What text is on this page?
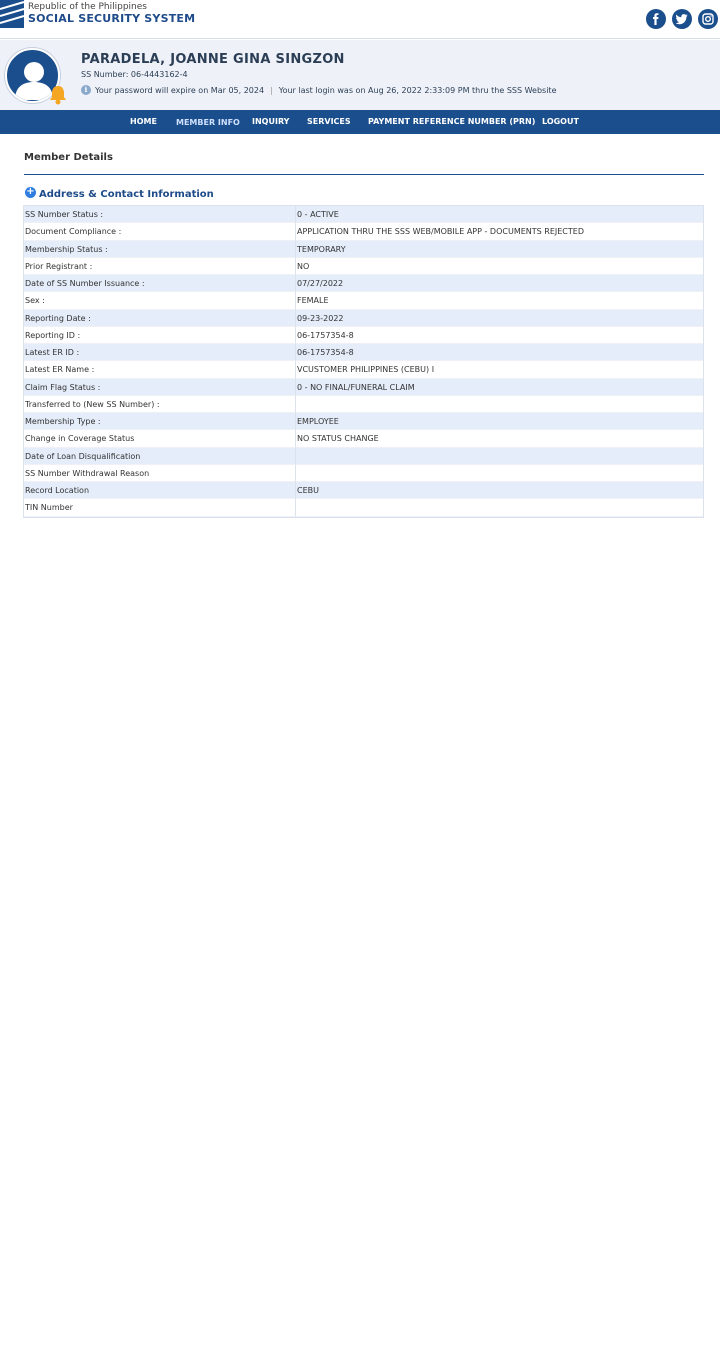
Republic of the Philippines
SOCIAL SECURITY SYSTEM
PARADELA, JOANNE GINA SINGZON
SS Number: 06-4443162-4
i Your password will expire on Mar 05, 2024 | Your last login was on Aug 26, 2022 2:33:09 PM thru the SSS Website
HOME MEMBER INFO INQUIRY SERVICES PAYMENT REFERENCE NUMBER (PRN) LOGOUT
Member Details
+ Address & Contact Information
SS Number Status :	0 - ACTIVE
Document Compliance :	APPLICATION THRU THE SSS WEB/MOBILE APP - DOCUMENTS REJECTED
Membership Status :	TEMPORARY
Prior Registrant :	NO
Date of SS Number Issuance :	07/27/2022
Sex :	FEMALE
Reporting Date :	09-23-2022
Reporting ID :	06-1757354-8
Latest ER ID :	06-1757354-8
Latest ER Name :	VCUSTOMER PHILIPPINES (CEBU) I
Claim Flag Status :	0 - NO FINAL/FUNERAL CLAIM
Transferred to (New SS Number) :
Membership Type :	EMPLOYEE
Change in Coverage Status	NO STATUS CHANGE
Date of Loan Disqualification
SS Number Withdrawal Reason
Record Location	CEBU
TIN Number
